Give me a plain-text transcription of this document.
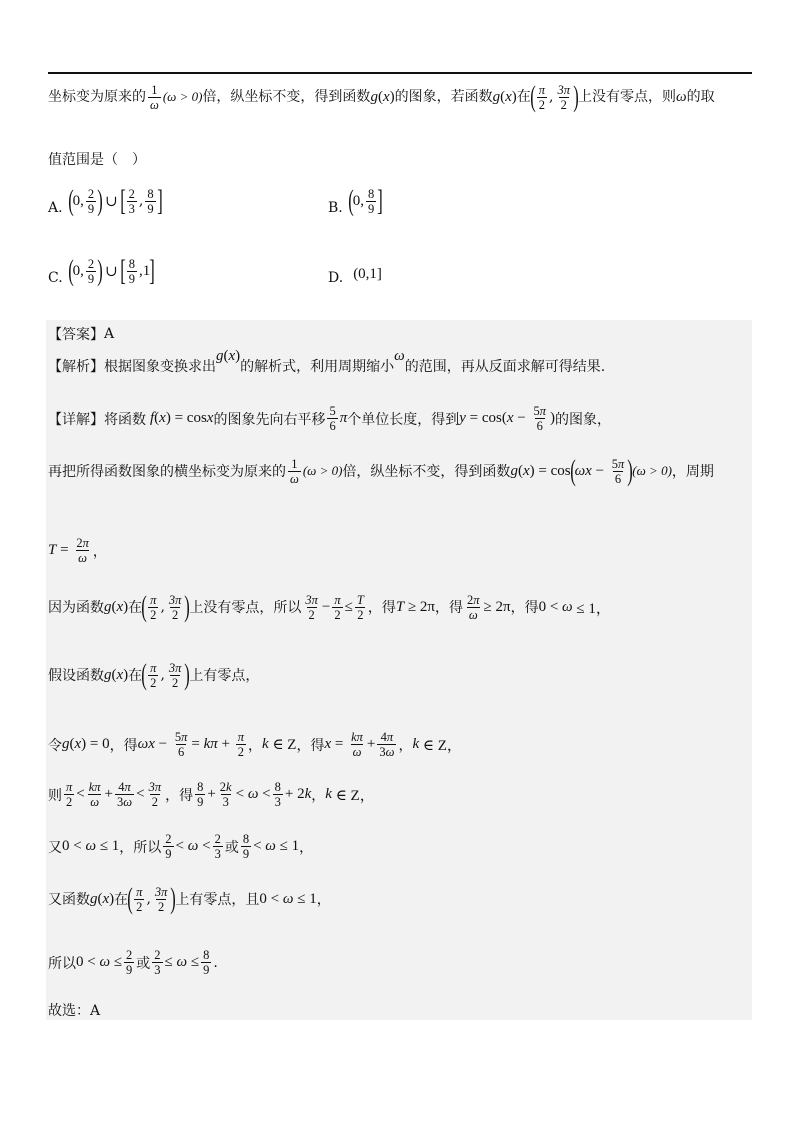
坐标变为原来的 $\frac{1}{\omega} (\omega > 0)$ 倍，纵坐标不变，得到函数 g ( x ) 的图象，若函数 g ( x ) 在 ( $\frac{\pi}{2}$ , $\frac{3\pi}{2}$ ) 上没有零点，则 ω 的取
值范围是（　）
A. ( 0, $\frac{2}{9}$ ) ∪ [ $\frac{2}{3}$ , $\frac{8}{9}$ ]	B. ( 0, $\frac{8}{9}$ ]
C. ( 0, $\frac{2}{9}$ ) ∪ [ $\frac{8}{9} ,1$ ]	D. (0,1]
【答案】 A
【解析】 根据图象变换求出
g ( x )
的解析式，利用周期缩小
ω
的范围，再从反面求解可得结果.
【详解】 将函数 f ( x ) = cos x 的图象先向右平移 $\frac{5}{6}$ π 个单位长度，得到 y = cos( $x - \frac{5\pi}{6}$ ) 的图象，
再把所得函数图象的横坐标变为原来的 $\frac{1}{\omega} (\omega > 0)$ 倍，纵坐标不变，得到函数 g ( x ) = cos ( $\omega x - \frac{5\pi}{6}$ ) (ω > 0) ，周期
$T = \frac{2\pi}{\omega}$ ，
因为函数 g ( x ) 在 ( $\frac{\pi}{2}$ , $\frac{3\pi}{2}$ ) 上没有零点，所以 $\frac{3\pi}{2} - \frac{\pi}{2} \le \frac{T}{2}$ ，得 T ≥ 2π ，得 $\frac{2\pi}{\omega} \ge 2\pi$ ，得 0 < ω ≤ 1，
假设函数 g ( x ) 在 ( $\frac{\pi}{2}$ , $\frac{3\pi}{2}$ ) 上有零点，
令 g ( x ) = 0 ，得 $\omega x - \frac{5\pi}{6} = k\pi + \frac{\pi}{2}$ ， k ∈ Z ，得 $x = \frac{k\pi}{\omega} + \frac{4\pi}{3\omega}$ ， k ∈ Z，
则 $\frac{\pi}{2} < \frac{k\pi}{\omega} + \frac{4\pi}{3\omega} < \frac{3\pi}{2}$ ，得 $\frac{8}{9} + \frac{2k}{3} < \omega < \frac{8}{3} + 2$ k ， k ∈ Z，
又 0 < ω ≤ 1 ，所以 $\frac{2}{9} < \omega < \frac{2}{3}$ 或 $\frac{8}{9} < \omega \le 1$ ，
又函数 g ( x ) 在 ( $\frac{\pi}{2}$ , $\frac{3\pi}{2}$ ) 上有零点，且 0 < ω ≤ 1 ，
所以 $0 < \omega \le \frac{2}{9}$ 或 $\frac{2}{3} \le \omega \le \frac{8}{9}$ .
故选：A
